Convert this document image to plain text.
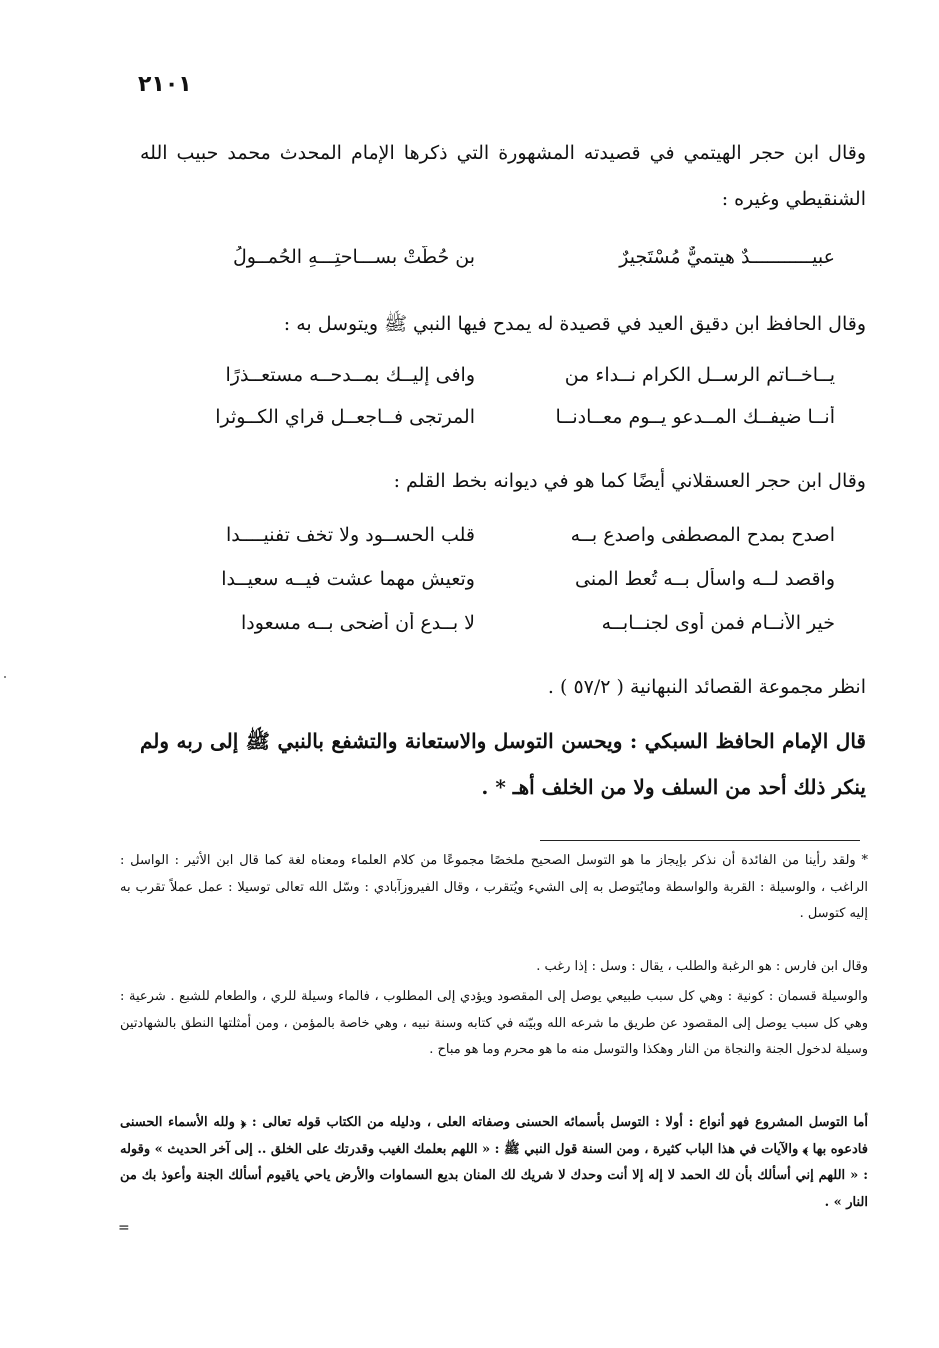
٢١٠١
وقال ابن حجر الهيتمي في قصيدته المشهورة التي ذكرها الإمام المحدث محمد حبيب الله الشنقيطي وغيره :
عبيـــــــــــدٌ هيتميٌّ مُسْتَجيرٌ
بن حُطَّتْ بســـاحتِـــهِ الحُمــولُ
وقال الحافظ ابن دقيق العيد في قصيدة له يمدح فيها النبي ﷺ ويتوسل به :
يــاخــاتم الرســل الكرام نــداء من
وافى إليــك بمــدحــه مستعــذرًا
أنــا ضيفــك المــدعو يــوم معــادنــا
المرتجى فــاجعــل قراي الكــوثرا
وقال ابن حجر العسقلاني أيضًا كما هو في ديوانه بخط القلم :
اصدح بمدح المصطفى واصدع بــه
قلب الحســود ولا تخف تفنيــــدا
واقصد لــه واسأل بــه تُعط المنى
وتعيش مهما عشت فيــه سعيــدا
خير الأنــام فمن أوى لجنــابــه
لا بــدع أن أضحى بــه مسعودا
انظر مجموعة القصائد النبهانية ( ٥٧/٢ ) .
قال الإمام الحافظ السبكي : ويحسن التوسل والاستعانة والتشفع بالنبي ﷺ إلى ربه ولم ينكر ذلك أحد من السلف ولا من الخلف أهـ * .
* ولقد رأينا من الفائدة أن نذكر بإيجاز ما هو التوسل الصحيح ملخصًا مجموعًا من كلام العلماء ومعناه لغة كما قال ابن الأثير : الواسل : الراغب ، والوسيلة : القربة والواسطة ومايُتوصل به إلى الشيء ويُتقرب ، وقال الفيروزآبادي : وسّل الله تعالى توسيلا : عمل عملاً تقرب به إليه كتوسل .
وقال ابن فارس : هو الرغبة والطلب ، يقال : وسل : إذا رغب .
والوسيلة قسمان : كونية : وهي كل سبب طبيعي يوصل إلى المقصود ويؤدي إلى المطلوب ، فالماء وسيلة للري ، والطعام للشبع . شرعية : وهي كل سبب يوصل إلى المقصود عن طريق ما شرعه الله وبيّنه في كتابه وسنة نبيه ، وهي خاصة بالمؤمن ، ومن أمثلتها النطق بالشهادتين وسيلة لدخول الجنة والنجاة من النار وهكذا والتوسل منه ما هو محرم وما هو مباح .
أما التوسل المشروع فهو أنواع : أولا : التوسل بأسمائه الحسنى وصفاته العلى ، ودليله من الكتاب قوله تعالى : ﴿ ولله الأسماء الحسنى فادعوه بها ﴾ والآيات في هذا الباب كثيرة ، ومن السنة قول النبي ﷺ : « اللهم بعلمك الغيب وقدرتك على الخلق .. إلى آخر الحديث » وقوله : « اللهم إني أسألك بأن لك الحمد لا إله إلا أنت وحدك لا شريك لك المنان بديع السماوات والأرض ياحي ياقيوم أسألك الجنة وأعوذ بك من النار » .
=
